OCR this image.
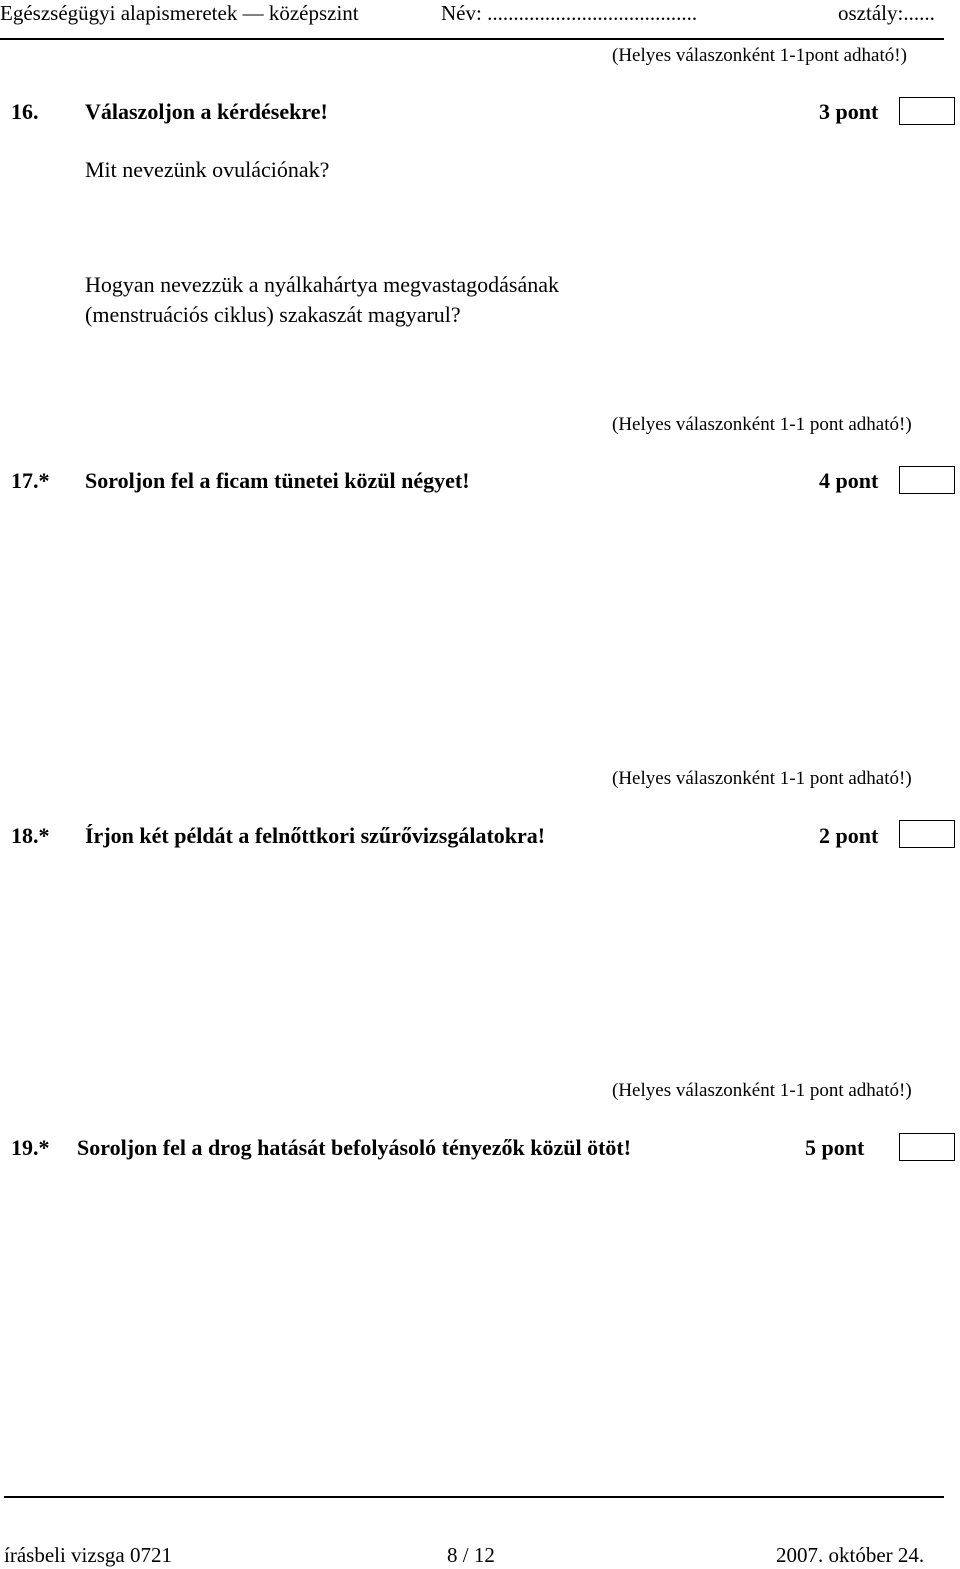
Egészségügyi alapismeretek — középszint	Név: ........................................	osztály:......
(Helyes válaszonként 1-1pont adható!)
16. Válaszoljon a kérdésekre!	3 pont
Mit nevezünk ovulációnak?
Hogyan nevezzük a nyálkahártya megvastagodásának
(menstruációs ciklus) szakaszát magyarul?
(Helyes válaszonként 1-1 pont adható!)
17.* Soroljon fel a ficam tünetei közül négyet!	4 pont
(Helyes válaszonként 1-1 pont adható!)
18.* Írjon két példát a felnőttkori szűrővizsgálatokra!	2 pont
(Helyes válaszonként 1-1 pont adható!)
19.* Soroljon fel a drog hatását befolyásoló tényezők közül ötöt!	5 pont
írásbeli vizsga 0721	8 / 12	2007. október 24.
